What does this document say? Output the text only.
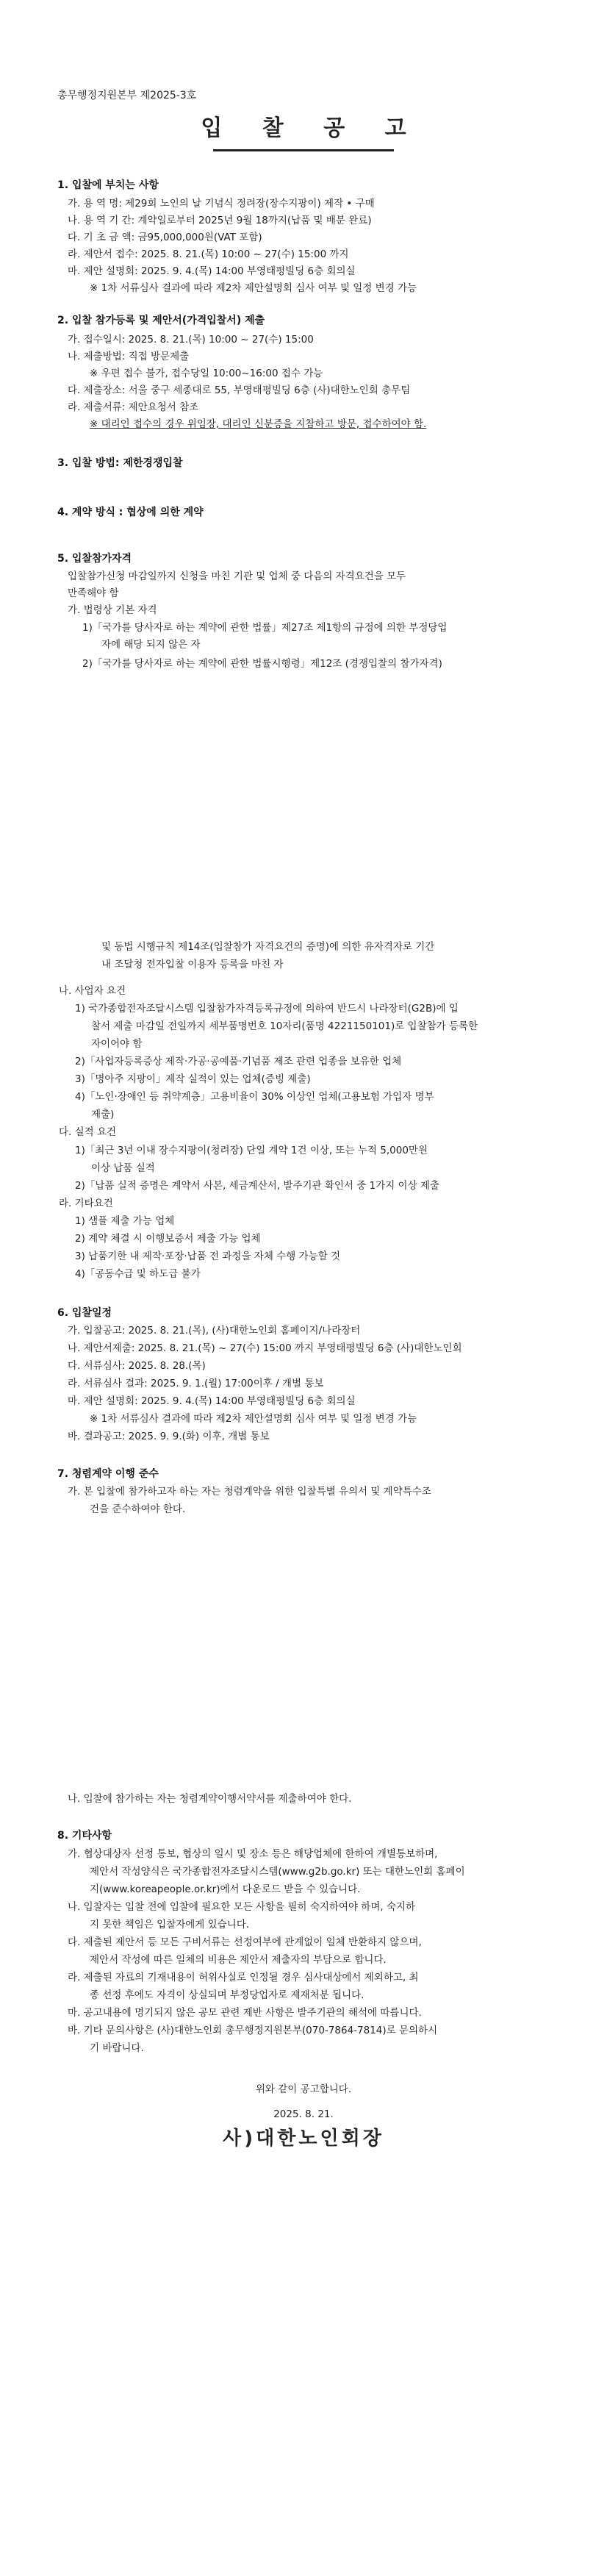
총무행정지원본부 제2025-3호
입 찰 공 고
1. 입찰에 부치는 사항
가. 용 역 명: 제29회 노인의 날 기념식 정려장(장수지팡이) 제작 • 구매
나. 용 역 기 간: 계약일로부터 2025년 9월 18까지(납품 및 배분 완료)
다. 기 초 금 액: 금95,000,000원(VAT 포함)
라. 제안서 접수: 2025. 8. 21.(목) 10:00 ~ 27(수) 15:00 까지
마. 제안 설명회: 2025. 9. 4.(목) 14:00 부영태평빌딩 6층 회의실
※ 1차 서류심사 결과에 따라 제2차 제안설명회 심사 여부 및 일정 변경 가능
2. 입찰 참가등록 및 제안서(가격입찰서) 제출
가. 접수일시: 2025. 8. 21.(목) 10:00 ~ 27(수) 15:00
나. 제출방법: 직접 방문제출
※ 우편 접수 불가, 접수당일 10:00~16:00 접수 가능
다. 제출장소: 서울 중구 세종대로 55, 부영태평빌딩 6층 (사)대한노인회 총무팀
라. 제출서류: 제안요청서 참조
※ 대리인 접수의 경우 위임장, 대리인 신분증을 지참하고 방문, 접수하여야 함.
3. 입찰 방법: 제한경쟁입찰
4. 계약 방식 : 협상에 의한 계약
5. 입찰참가자격
입찰참가신청 마감일까지 신청을 마친 기관 및 업체 중 다음의 자격요건을 모두
만족해야 함
가. 법령상 기본 자격
1)「국가를 당사자로 하는 계약에 관한 법률」제27조 제1항의 규정에 의한 부정당업
자에 해당 되지 않은 자
2)「국가를 당사자로 하는 계약에 관한 법률시행령」제12조 (경쟁입찰의 참가자격)
및 동법 시행규칙 제14조(입찰참가 자격요건의 증명)에 의한 유자격자로 기간
내 조달청 전자입찰 이용자 등록을 마친 자
나. 사업자 요건
1) 국가종합전자조달시스템 입찰참가자격등록규정에 의하여 반드시 나라장터(G2B)에 입
찰서 제출 마감일 전일까지 세부품명번호 10자리(품명 4221150101)로 입찰참가 등록한
자이어야 함
2)「사업자등록증상 제작·가공·공예품·기념품 제조 관련 업종을 보유한 업체
3)「명아주 지팡이」제작 실적이 있는 업체(증빙 제출)
4)「노인·장애인 등 취약계층」고용비율이 30% 이상인 업체(고용보험 가입자 명부
제출)
다. 실적 요건
1)「최근 3년 이내 장수지팡이(청려장) 단일 계약 1건 이상, 또는 누적 5,000만원
이상 납품 실적
2)「납품 실적 증명은 계약서 사본, 세금계산서, 발주기관 확인서 중 1가지 이상 제출
라. 기타요건
1) 샘플 제출 가능 업체
2) 계약 체결 시 이행보증서 제출 가능 업체
3) 납품기한 내 제작·포장·납품 전 과정을 자체 수행 가능할 것
4)「공동수급 및 하도급 불가
6. 입찰일정
가. 입찰공고: 2025. 8. 21.(목), (사)대한노인회 홈페이지/나라장터
나. 제안서제출: 2025. 8. 21.(목) ~ 27(수) 15:00 까지 부영태평빌딩 6층 (사)대한노인회
다. 서류심사: 2025. 8. 28.(목)
라. 서류심사 결과: 2025. 9. 1.(월) 17:00이후 / 개별 통보
마. 제안 설명회: 2025. 9. 4.(목) 14:00 부영태평빌딩 6층 회의실
※ 1차 서류심사 결과에 따라 제2차 제안설명회 심사 여부 및 일정 변경 가능
바. 결과공고: 2025. 9. 9.(화) 이후, 개별 통보
7. 청렴계약 이행 준수
가. 본 입찰에 참가하고자 하는 자는 청렴계약을 위한 입찰특별 유의서 및 계약특수조
건을 준수하여야 한다.
나. 입찰에 참가하는 자는 청렴계약이행서약서를 제출하여야 한다.
8. 기타사항
가. 협상대상자 선정 통보, 협상의 일시 및 장소 등은 해당업체에 한하여 개별통보하며,
제안서 작성양식은 국가종합전자조달시스템(www.g2b.go.kr) 또는 대한노인회 홈페이
지(www.koreapeople.or.kr)에서 다운로드 받을 수 있습니다.
나. 입찰자는 입찰 전에 입찰에 필요한 모든 사항을 필히 숙지하여야 하며, 숙지하
지 못한 책임은 입찰자에게 있습니다.
다. 제출된 제안서 등 모든 구비서류는 선정여부에 관계없이 일체 반환하지 않으며,
제안서 작성에 따른 일체의 비용은 제안서 제출자의 부담으로 합니다.
라. 제출된 자료의 기재내용이 허위사실로 인정될 경우 심사대상에서 제외하고, 최
종 선정 후에도 자격이 상실되며 부정당업자로 제재처분 됩니다.
마. 공고내용에 명기되지 않은 공모 관련 제반 사항은 발주기관의 해석에 따릅니다.
바. 기타 문의사항은 (사)대한노인회 총무행정지원본부(070-7864-7814)로 문의하시
기 바랍니다.
위와 같이 공고합니다.
2025. 8. 21.
사)대한노인회장
